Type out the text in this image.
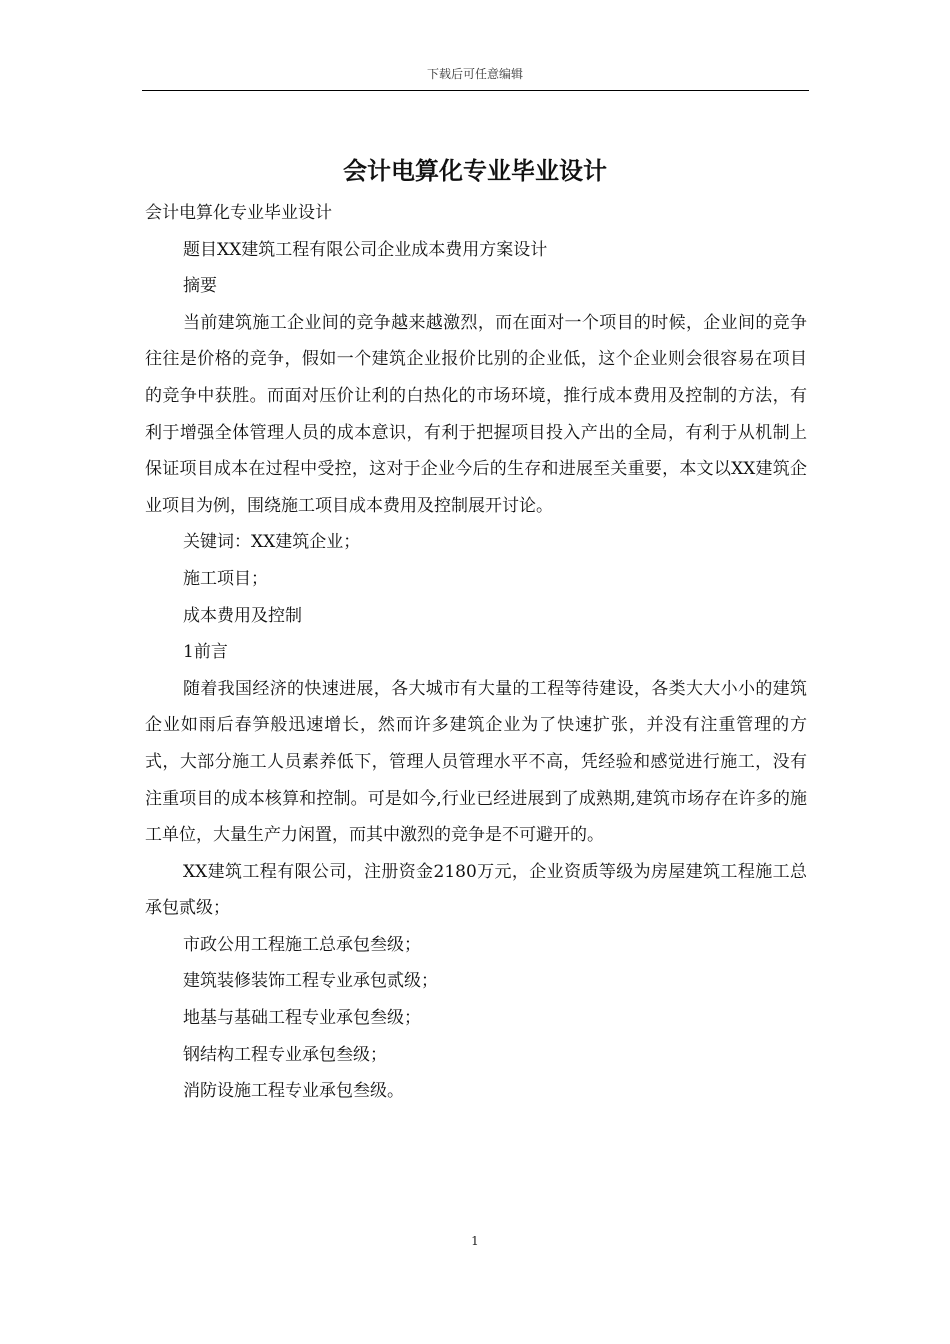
下载后可任意编辑
会计电算化专业毕业设计

会计电算化专业毕业设计

题目XX建筑工程有限公司企业成本费用方案设计

摘要

当前建筑施工企业间的竞争越来越激烈，而在面对一个项目的时候，企业间的竞争往往是价格的竞争，假如一个建筑企业报价比别的企业低，这个企业则会很容易在项目的竞争中获胜。而面对压价让利的白热化的市场环境，推行成本费用及控制的方法，有利于增强全体管理人员的成本意识，有利于把握项目投入产出的全局，有利于从机制上保证项目成本在过程中受控，这对于企业今后的生存和进展至关重要，本文以XX建筑企业项目为例，围绕施工项目成本费用及控制展开讨论。

关键词：XX建筑企业；

施工项目；

成本费用及控制

1前言

随着我国经济的快速进展，各大城市有大量的工程等待建设，各类大大小小的建筑企业如雨后春笋般迅速增长，然而许多建筑企业为了快速扩张，并没有注重管理的方式，大部分施工人员素养低下，管理人员管理水平不高，凭经验和感觉进行施工，没有注重项目的成本核算和控制。可是如今,行业已经进展到了成熟期,建筑市场存在许多的施工单位，大量生产力闲置，而其中激烈的竞争是不可避开的。

XX建筑工程有限公司，注册资金2180万元，企业资质等级为房屋建筑工程施工总承包贰级；

市政公用工程施工总承包叁级；

建筑装修装饰工程专业承包贰级；

地基与基础工程专业承包叁级；

钢结构工程专业承包叁级；

消防设施工程专业承包叁级。

1
